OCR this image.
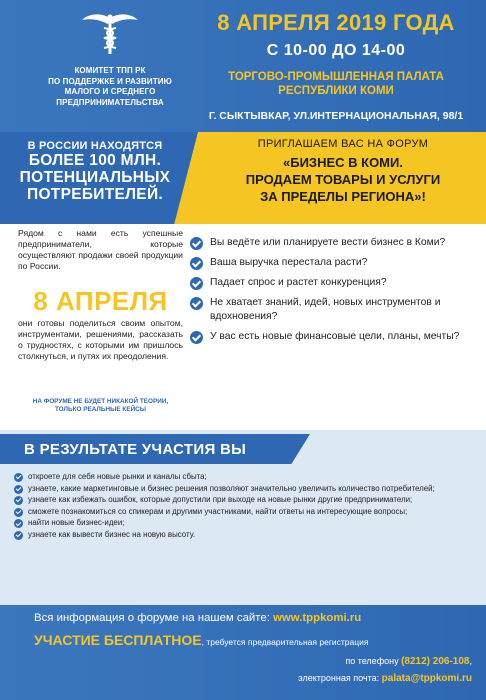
КОМИТЕТ ТПП РК
ПО ПОДДЕРЖКЕ И РАЗВИТИЮ
МАЛОГО И СРЕДНЕГО
ПРЕДПРИНИМАТЕЛЬСТВА
8 АПРЕЛЯ 2019 ГОДА
С 10-00 ДО 14-00
ТОРГОВО-ПРОМЫШЛЕННАЯ ПАЛАТА
РЕСПУБЛИКИ КОМИ
Г. СЫКТЫВКАР, УЛ.ИНТЕРНАЦИОНАЛЬНАЯ, 98/1
В РОССИИ НАХОДЯТСЯ
БОЛЕЕ 100 МЛН.
ПОТЕНЦИАЛЬНЫХ
ПОТРЕБИТЕЛЕЙ.
ПРИГЛАШАЕМ ВАС НА ФОРУМ
«БИЗНЕС В КОМИ.
ПРОДАЕМ ТОВАРЫ И УСЛУГИ
ЗА ПРЕДЕЛЫ РЕГИОНА»!
Рядом с нами есть успешные предприниматели, которые осуществляют продажи своей продукции по России.
8 АПРЕЛЯ
они готовы поделиться своим опытом, инструментами, решениями, рассказать о трудностях, с которыми им пришлось столкнуться, и путях их преодоления.
НА ФОРУМЕ НЕ БУДЕТ НИКАКОЙ ТЕОРИИ,
ТОЛЬКО РЕАЛЬНЫЕ КЕЙСЫ
Вы ведёте или планируете вести бизнес в Коми?
Ваша выручка перестала расти?
Падает спрос и растет конкуренция?
Не хватает знаний, идей, новых инструментов и вдохновения?
У вас есть новые финансовые цели, планы, мечты?
В РЕЗУЛЬТАТЕ УЧАСТИЯ ВЫ
откроете для себя новые рынки и каналы сбыта;
узнаете, какие маркетинговые и бизнес решения позволяют значительно увеличить количество потребителей;
узнаете как избежать ошибок, которые допустили при выходе на новые рынки другие предприниматели;
сможете познакомиться со спикерам и другими участниками, найти ответы на интересующие вопросы;
найти новые бизнес-идеи;
узнаете как вывести бизнес на новую высоту.
Вся информация о форуме на нашем сайте: www.tppkomi.ru
УЧАСТИЕ БЕСПЛАТНОЕ, требуется предварительная регистрация
по телефону (8212) 206-108,
электронная почта: palata@tppkomi.ru
